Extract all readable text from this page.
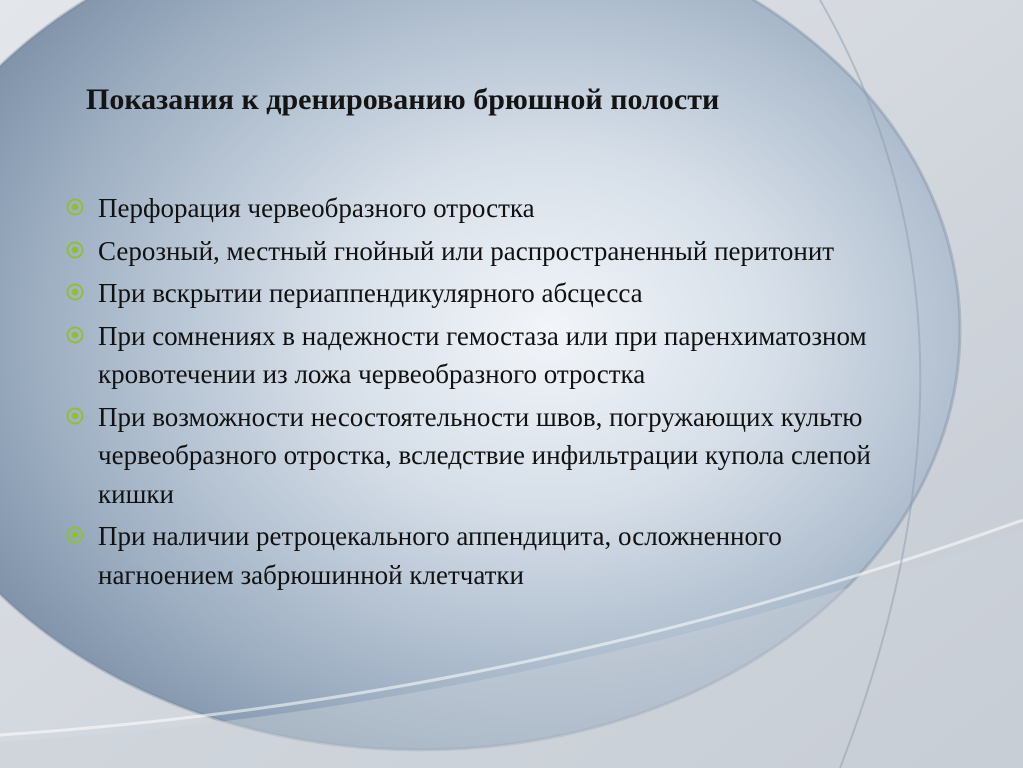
Показания к дренированию брюшной полости
Перфорация червеобразного отростка
Серозный, местный гнойный или распространенный перитонит
При вскрытии периаппендикулярного абсцесса
При сомнениях в надежности гемостаза или при паренхиматозном кровотечении из ложа червеобразного отростка
При возможности несостоятельности швов, погружающих культю червеобразного отростка, вследствие инфильтрации купола слепой кишки
При наличии ретроцекального аппендицита, осложненного нагноением забрюшинной клетчатки
